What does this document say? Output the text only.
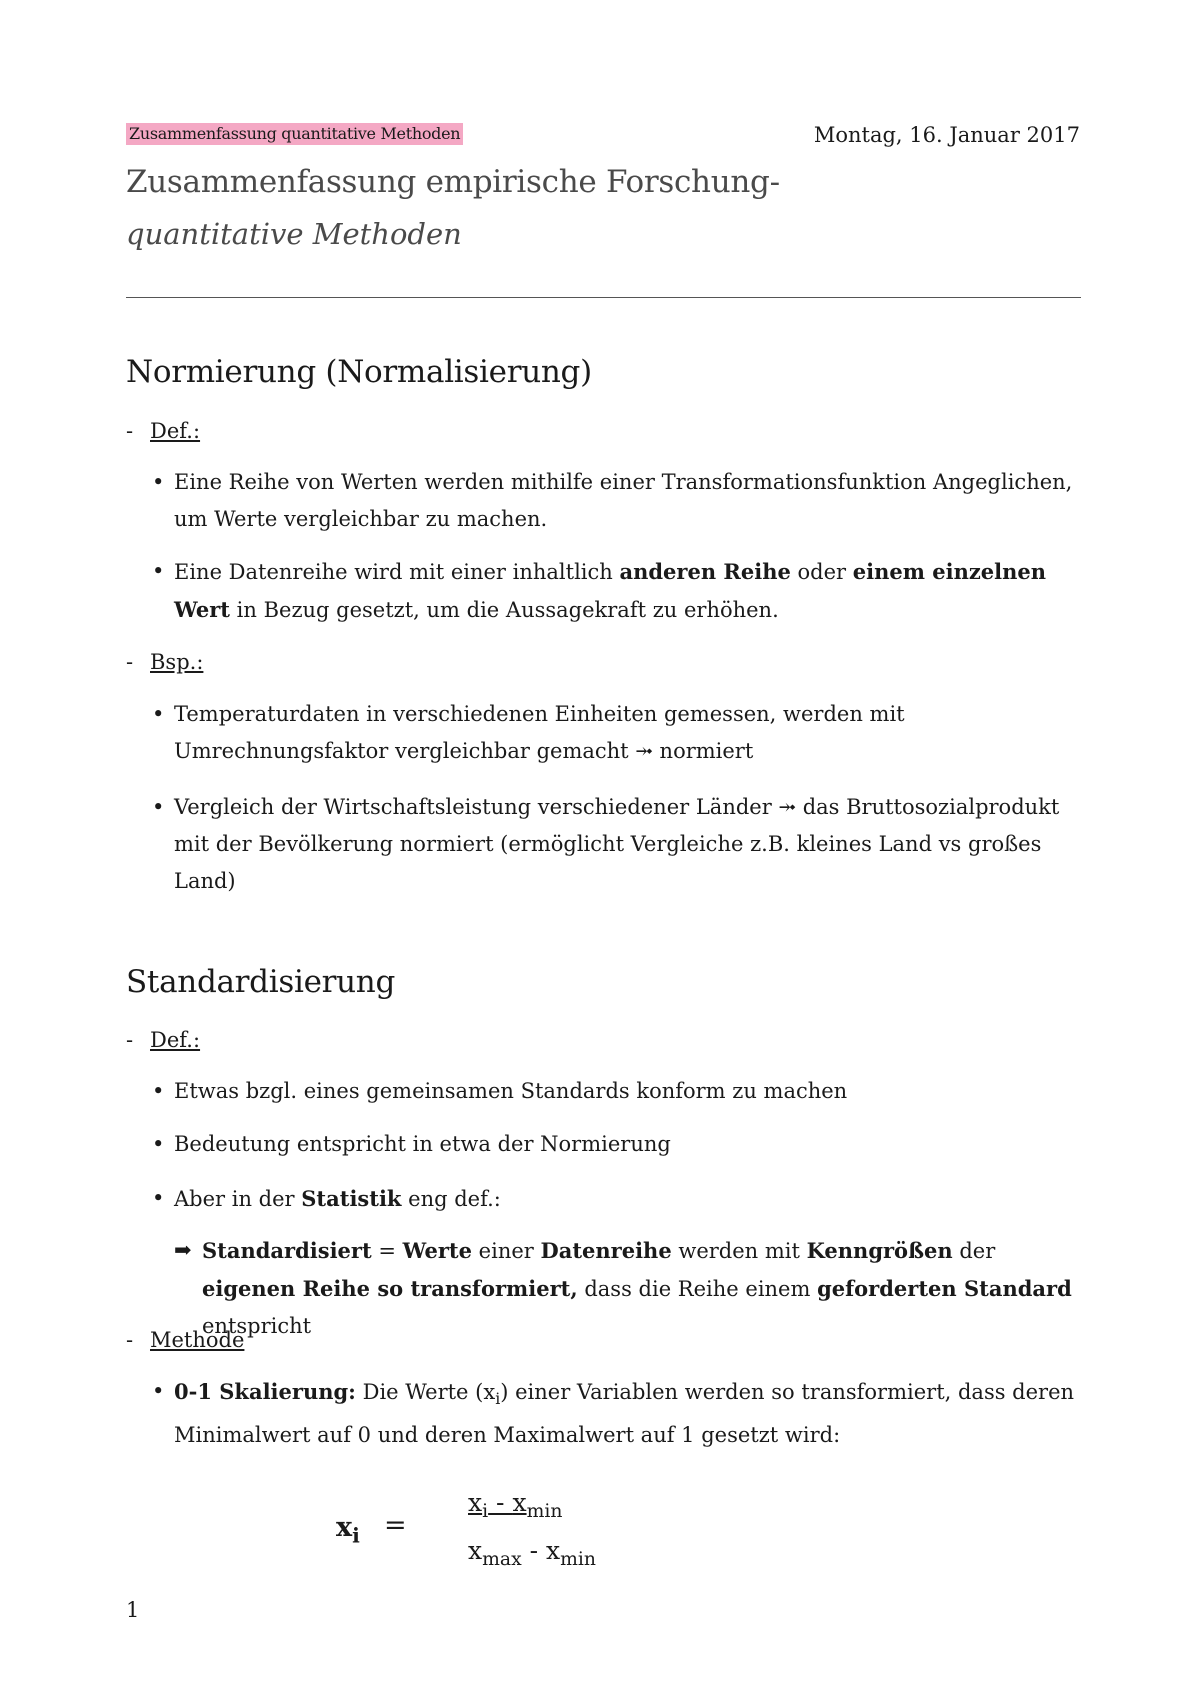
Zusammenfassung quantitative Methoden	Montag, 16. Januar 2017
Zusammenfassung empirische Forschung-
quantitative Methoden
Normierung (Normalisierung)
- Def.:
• Eine Reihe von Werten werden mithilfe einer Transformationsfunktion Angeglichen, um Werte vergleichbar zu machen.
• Eine Datenreihe wird mit einer inhaltlich anderen Reihe oder einem einzelnen Wert in Bezug gesetzt, um die Aussagekraft zu erhöhen.
- Bsp.:
• Temperaturdaten in verschiedenen Einheiten gemessen, werden mit Umrechnungsfaktor vergleichbar gemacht ⤞ normiert
• Vergleich der Wirtschaftsleistung verschiedener Länder ⤞ das Bruttosozialprodukt mit der Bevölkerung normiert (ermöglicht Vergleiche z.B. kleines Land vs großes Land)
Standardisierung
- Def.:
• Etwas bzgl. eines gemeinsamen Standards konform zu machen
• Bedeutung entspricht in etwa der Normierung
• Aber in der Statistik eng def.:
➡ Standardisiert = Werte einer Datenreihe werden mit Kenngrößen der eigenen Reihe so transformiert, dass die Reihe einem geforderten Standard entspricht
- Methode
• 0-1 Skalierung: Die Werte $(x_i)$ einer Variablen werden so transformiert, dass deren Minimalwert auf 0 und deren Maximalwert auf 1 gesetzt wird:
$x_i$ =
$x_i - x_{min}$
$x_{max} - x_{min}$
1
